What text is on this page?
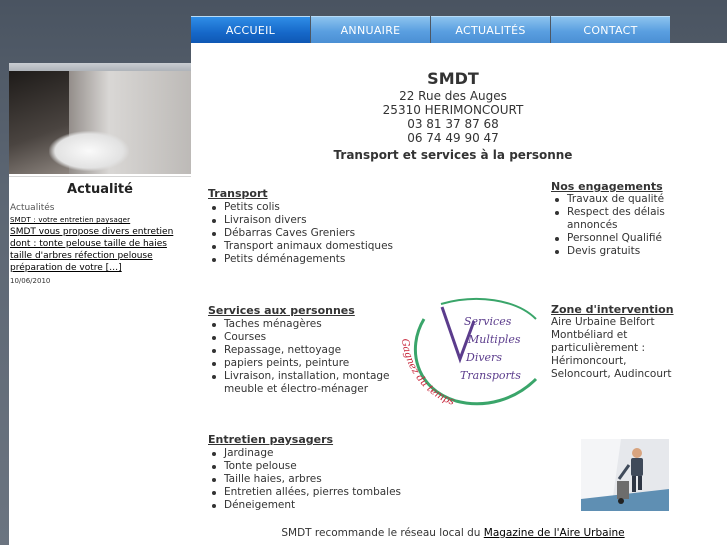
ACCUEIL	ANNUAIRE	ACTUALITÉS	CONTACT
Actualité
Actualités
SMDT : votre entretien paysager
SMDT vous propose divers entretien dont : tonte pelouse taille de haies taille d'arbres réfection pelouse préparation de votre […]
10/06/2010
SMDT
22 Rue des Auges
25310 HERIMONCOURT
03 81 37 87 68
06 74 49 90 47
Transport et services à la personne
Transport
Petits colis
Livraison divers
Débarras Caves Greniers
Transport animaux domestiques
Petits déménagements
Nos engagements
Travaux de qualité
Respect des délais annoncés
Personnel Qualifié
Devis gratuits
Services aux personnes
Taches ménagères
Courses
Repassage, nettoyage
papiers peints, peinture
Livraison, installation, montage meuble et électro-ménager
Services
Multiples
Divers
Transports
Gagnez du temps
Zone d'intervention
Aire Urbaine Belfort
Montbéliard et
particulièrement :
Hérimoncourt,
Seloncourt, Audincourt
Entretien paysagers
Jardinage
Tonte pelouse
Taille haies, arbres
Entretien allées, pierres tombales
Déneigement
SMDT recommande le réseau local du Magazine de l'Aire Urbaine
